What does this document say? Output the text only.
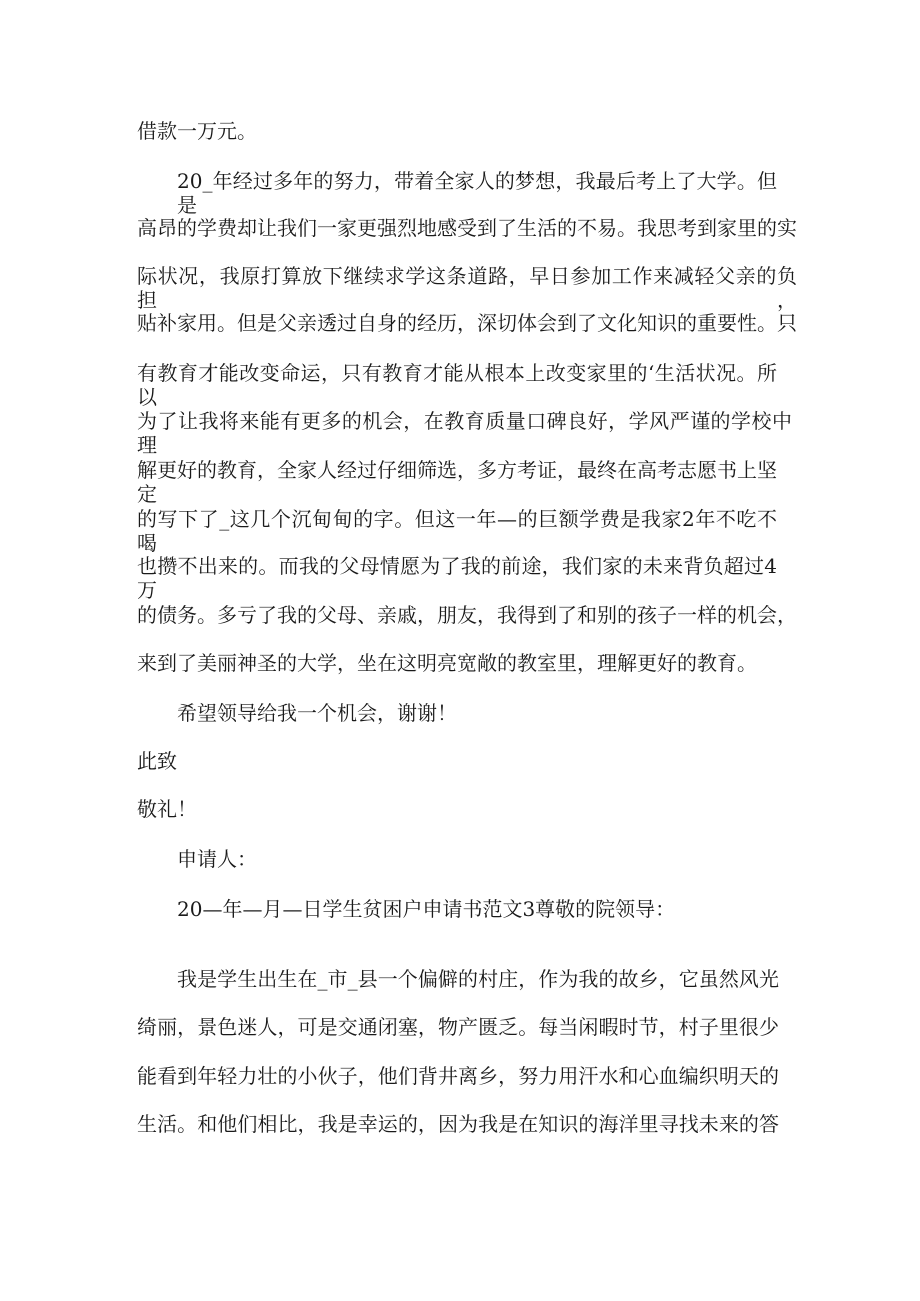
借款一万元。

20_年经过多年的努力，带着全家人的梦想，我最后考上了大学。但是

高昂的学费却让我们一家更强烈地感受到了生活的不易。我思考到家里的实

际状况，我原打算放下继续求学这条道路，早日参加工作来减轻父亲的负担，

贴补家用。但是父亲透过自身的经历，深切体会到了文化知识的重要性。只

有教育才能改变命运，只有教育才能从根本上改变家里的‘生活状况。所以

为了让我将来能有更多的机会，在教育质量口碑良好，学风严谨的学校中理

解更好的教育，全家人经过仔细筛选，多方考证，最终在高考志愿书上坚定

的写下了_这几个沉甸甸的字。但这一年—的巨额学费是我家2年不吃不喝

也攒不出来的。而我的父母情愿为了我的前途，我们家的未来背负超过4万

的债务。多亏了我的父母、亲戚，朋友，我得到了和别的孩子一样的机会，

来到了美丽神圣的大学，坐在这明亮宽敞的教室里，理解更好的教育。

希望领导给我一个机会，谢谢！

此致

敬礼！

申请人：

20—年—月—日学生贫困户申请书范文3尊敬的院领导：

我是学生出生在_市_县一个偏僻的村庄，作为我的故乡，它虽然风光

绮丽，景色迷人，可是交通闭塞，物产匮乏。每当闲暇时节，村子里很少

能看到年轻力壮的小伙子，他们背井离乡，努力用汗水和心血编织明天的

生活。和他们相比，我是幸运的，因为我是在知识的海洋里寻找未来的答
